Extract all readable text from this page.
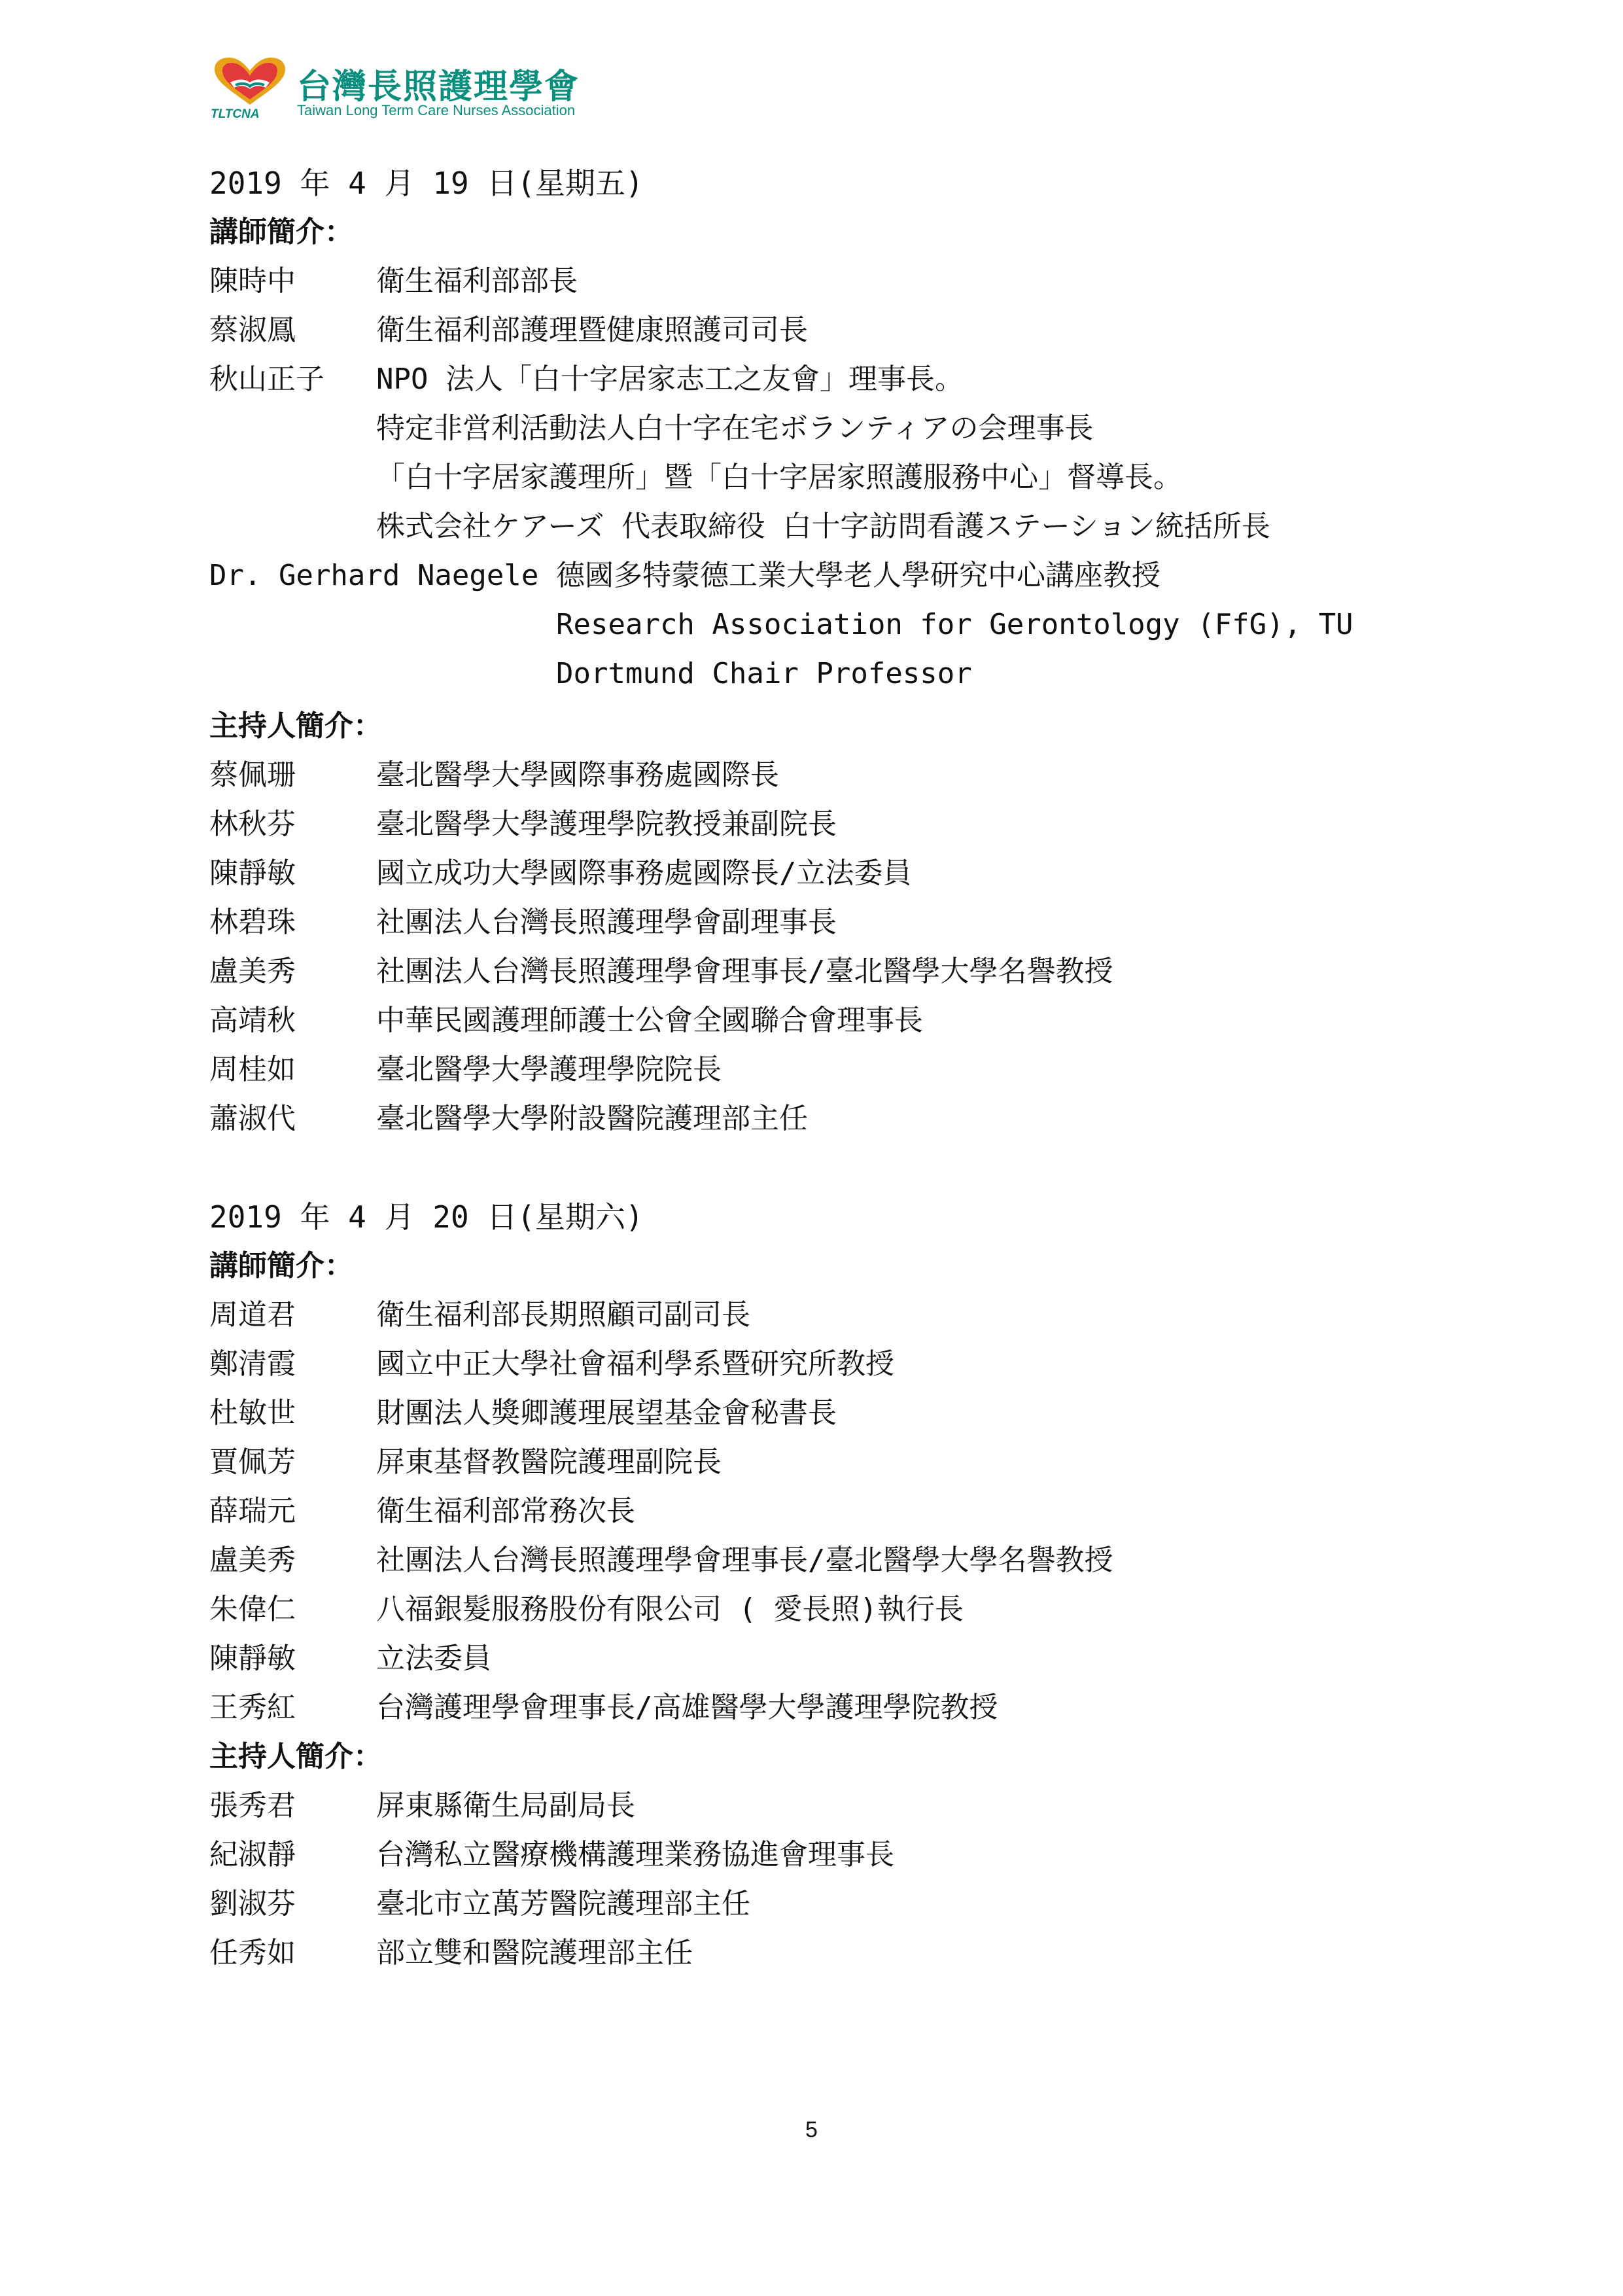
台灣長照護理學會
Taiwan Long Term Care Nurses Association
TLTCNA
2019 年 4 月 19 日(星期五)
講師簡介：
陳時中	衛生福利部部長
蔡淑鳳	衛生福利部護理暨健康照護司司長
秋山正子 NPO 法人「白十字居家志工之友會」理事長。
特定非営利活動法人白十字在宅ボランティアの会理事長
「白十字居家護理所」暨「白十字居家照護服務中心」督導長。
株式会社ケアーズ 代表取締役 白十字訪問看護ステーション統括所長
Dr. Gerhard Naegele 德國多特蒙德工業大學老人學研究中心講座教授
Research Association for Gerontology (FfG), TU
Dortmund Chair Professor
主持人簡介：
蔡佩珊	臺北醫學大學國際事務處國際長
林秋芬	臺北醫學大學護理學院教授兼副院長
陳靜敏	國立成功大學國際事務處國際長/立法委員
林碧珠	社團法人台灣長照護理學會副理事長
盧美秀	社團法人台灣長照護理學會理事長/臺北醫學大學名譽教授
高靖秋	中華民國護理師護士公會全國聯合會理事長
周桂如	臺北醫學大學護理學院院長
蕭淑代	臺北醫學大學附設醫院護理部主任
2019 年 4 月 20 日(星期六)
講師簡介：
周道君	衛生福利部長期照顧司副司長
鄭清霞	國立中正大學社會福利學系暨研究所教授
杜敏世	財團法人獎卿護理展望基金會秘書長
賈佩芳	屏東基督教醫院護理副院長
薛瑞元	衛生福利部常務次長
盧美秀	社團法人台灣長照護理學會理事長/臺北醫學大學名譽教授
朱偉仁	八福銀髮服務股份有限公司 ( 愛長照)執行長
陳靜敏	立法委員
王秀紅	台灣護理學會理事長/高雄醫學大學護理學院教授
主持人簡介：
張秀君	屏東縣衛生局副局長
紀淑靜	台灣私立醫療機構護理業務協進會理事長
劉淑芬	臺北市立萬芳醫院護理部主任
任秀如	部立雙和醫院護理部主任
5
